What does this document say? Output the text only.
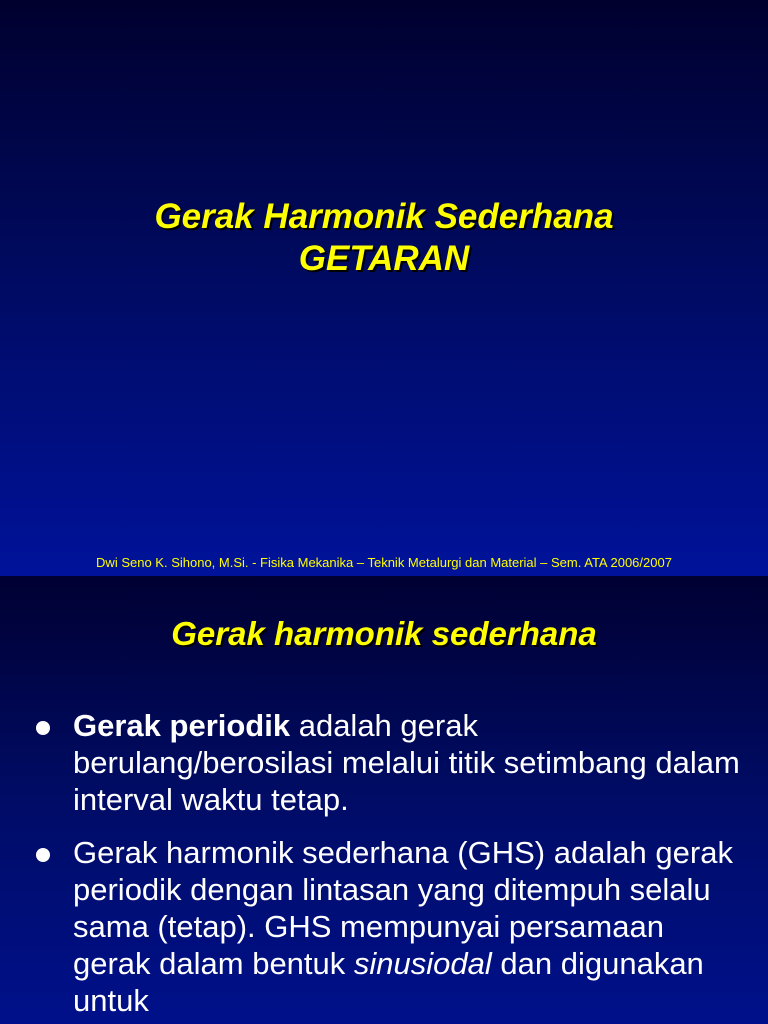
Gerak Harmonik Sederhana
GETARAN
Dwi Seno K. Sihono, M.Si. - Fisika Mekanika – Teknik Metalurgi dan Material – Sem. ATA 2006/2007
Gerak harmonik sederhana
Gerak periodik adalah gerak berulang/berosilasi melalui titik setimbang dalam interval waktu tetap.
Gerak harmonik sederhana (GHS) adalah gerak periodik dengan lintasan yang ditempuh selalu sama (tetap). GHS mempunyai persamaan gerak dalam bentuk sinusiodal dan digunakan untuk
